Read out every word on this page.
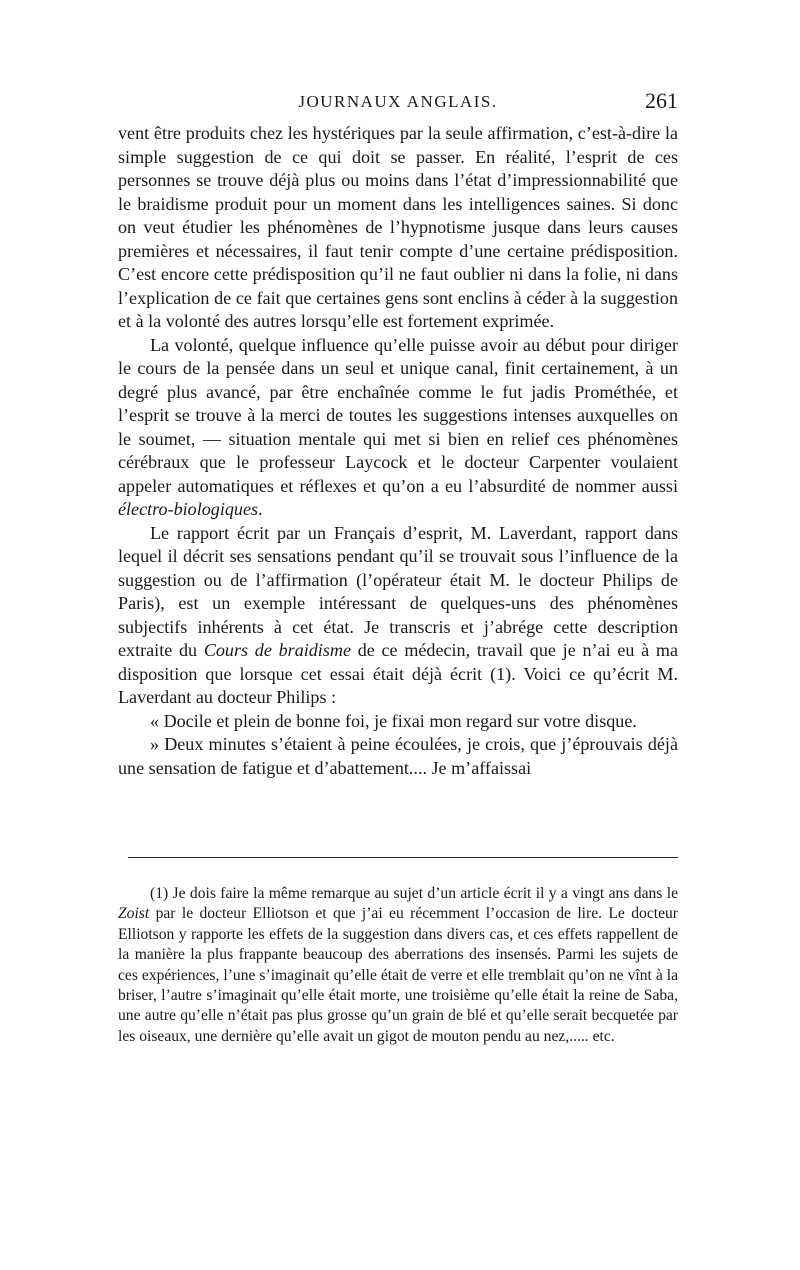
JOURNAUX ANGLAIS.	261

vent être produits chez les hystériques par la seule affirmation, c’est-à-dire la simple suggestion de ce qui doit se passer. En réalité, l’esprit de ces personnes se trouve déjà plus ou moins dans l’état d’impressionnabilité que le braidisme produit pour un moment dans les intelligences saines. Si donc on veut étudier les phénomènes de l’hypnotisme jusque dans leurs causes premières et nécessaires, il faut tenir compte d’une certaine prédisposition. C’est encore cette prédisposition qu’il ne faut oublier ni dans la folie, ni dans l’explication de ce fait que certaines gens sont enclins à céder à la suggestion et à la volonté des autres lorsqu’elle est fortement exprimée.

La volonté, quelque influence qu’elle puisse avoir au début pour diriger le cours de la pensée dans un seul et unique canal, finit certainement, à un degré plus avancé, par être enchaînée comme le fut jadis Prométhée, et l’esprit se trouve à la merci de toutes les suggestions intenses auxquelles on le soumet, — situation mentale qui met si bien en relief ces phénomènes cérébraux que le professeur Laycock et le docteur Carpenter voulaient appeler automatiques et réflexes et qu’on a eu l’absurdité de nommer aussi électro-biologiques.

Le rapport écrit par un Français d’esprit, M. Laverdant, rapport dans lequel il décrit ses sensations pendant qu’il se trouvait sous l’influence de la suggestion ou de l’affirmation (l’opérateur était M. le docteur Philips de Paris), est un exemple intéressant de quelques-uns des phénomènes subjectifs inhérents à cet état. Je transcris et j’abrége cette description extraite du Cours de braidisme de ce médecin, travail que je n’ai eu à ma disposition que lorsque cet essai était déjà écrit (1). Voici ce qu’écrit M. Laverdant au docteur Philips :

« Docile et plein de bonne foi, je fixai mon regard sur votre disque.

» Deux minutes s’étaient à peine écoulées, je crois, que j’éprouvais déjà une sensation de fatigue et d’abattement.... Je m’affaissai

(1) Je dois faire la même remarque au sujet d’un article écrit il y a vingt ans dans le Zoist par le docteur Elliotson et que j’ai eu récemment l’occasion de lire. Le docteur Elliotson y rapporte les effets de la suggestion dans divers cas, et ces effets rappellent de la manière la plus frappante beaucoup des aberrations des insensés. Parmi les sujets de ces expériences, l’une s’imaginait qu’elle était de verre et elle tremblait qu’on ne vînt à la briser, l’autre s’imaginait qu’elle était morte, une troisième qu’elle était la reine de Saba, une autre qu’elle n’était pas plus grosse qu’un grain de blé et qu’elle serait becquetée par les oiseaux, une dernière qu’elle avait un gigot de mouton pendu au nez,..... etc.
